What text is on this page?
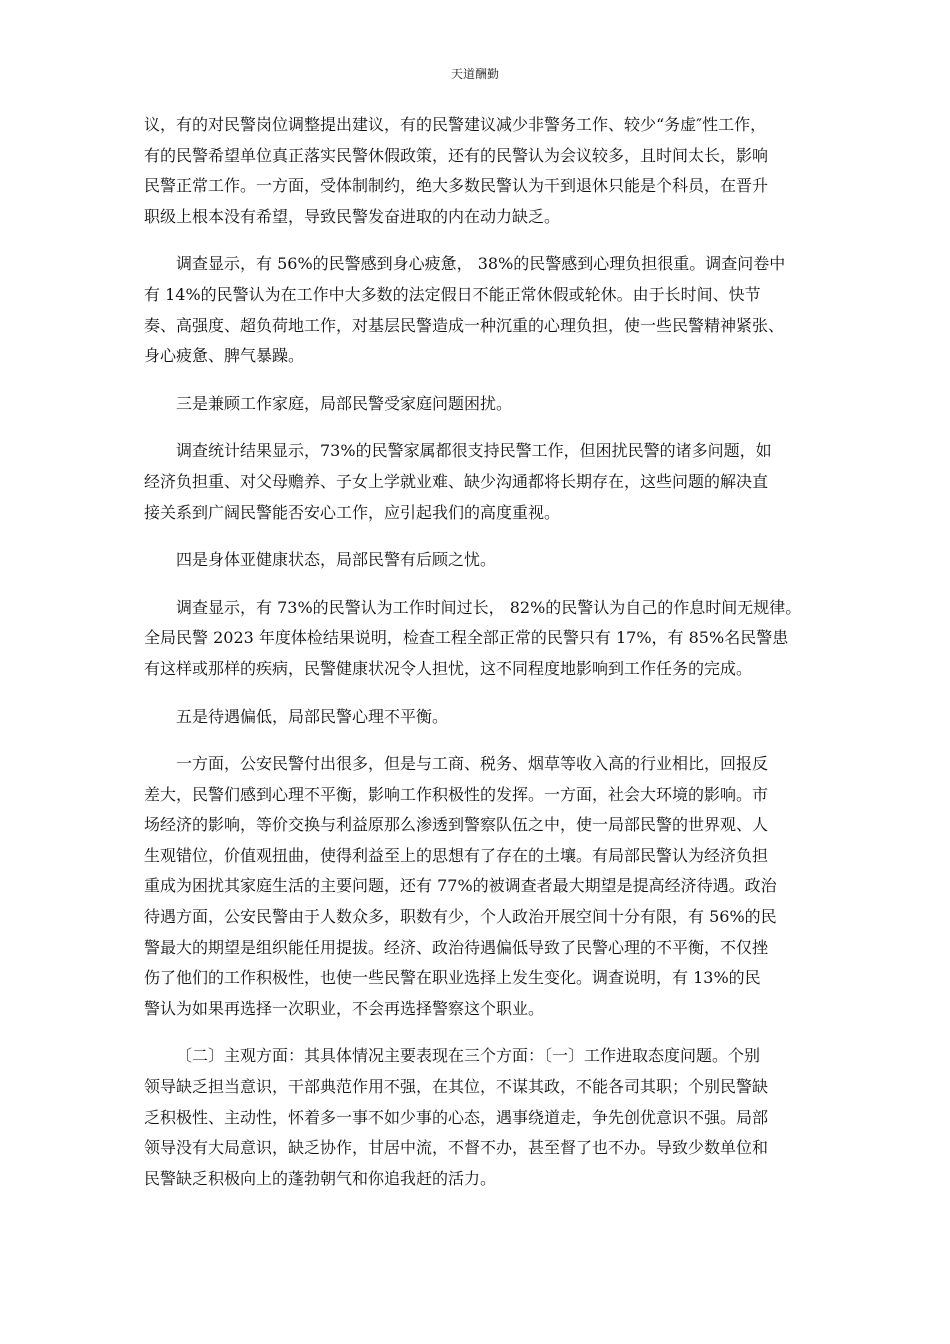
天道酬勤

议，有的对民警岗位调整提出建议，有的民警建议减少非警务工作、较少“务虚″性工作，
有的民警希望单位真正落实民警休假政策，还有的民警认为会议较多，且时间太长，影响
民警正常工作。一方面，受体制制约，绝大多数民警认为干到退休只能是个科员，在晋升
职级上根本没有希望，导致民警发奋进取的内在动力缺乏。

调查显示，有 56%的民警感到身心疲惫， 38%的民警感到心理负担很重。调查问卷中
有 14%的民警认为在工作中大多数的法定假日不能正常休假或轮休。由于长时间、快节
奏、高强度、超负荷地工作，对基层民警造成一种沉重的心理负担，使一些民警精神紧张、
身心疲惫、脾气暴躁。

三是兼顾工作家庭，局部民警受家庭问题困扰。

调查统计结果显示，73%的民警家属都很支持民警工作，但困扰民警的诸多问题，如
经济负担重、对父母赡养、子女上学就业难、缺少沟通都将长期存在，这些问题的解决直
接关系到广阔民警能否安心工作，应引起我们的高度重视。

四是身体亚健康状态，局部民警有后顾之忧。

调查显示，有 73%的民警认为工作时间过长， 82%的民警认为自己的作息时间无规律。
全局民警 2023 年度体检结果说明，检查工程全部正常的民警只有 17%，有 85%名民警患
有这样或那样的疾病，民警健康状况令人担忧，这不同程度地影响到工作任务的完成。

五是待遇偏低，局部民警心理不平衡。

一方面，公安民警付出很多，但是与工商、税务、烟草等收入高的行业相比，回报反
差大，民警们感到心理不平衡，影响工作积极性的发挥。一方面，社会大环境的影响。市
场经济的影响，等价交换与利益原那么渗透到警察队伍之中，使一局部民警的世界观、人
生观错位，价值观扭曲，使得利益至上的思想有了存在的土壤。有局部民警认为经济负担
重成为困扰其家庭生活的主要问题，还有 77%的被调查者最大期望是提高经济待遇。政治
待遇方面，公安民警由于人数众多，职数有少，个人政治开展空间十分有限，有 56%的民
警最大的期望是组织能任用提拔。经济、政治待遇偏低导致了民警心理的不平衡，不仅挫
伤了他们的工作积极性，也使一些民警在职业选择上发生变化。调查说明，有 13%的民
警认为如果再选择一次职业，不会再选择警察这个职业。

〔二〕主观方面：其具体情况主要表现在三个方面：〔一〕工作进取态度问题。个别
领导缺乏担当意识，干部典范作用不强，在其位，不谋其政，不能各司其职；个别民警缺
乏积极性、主动性，怀着多一事不如少事的心态，遇事绕道走，争先创优意识不强。局部
领导没有大局意识，缺乏协作，甘居中流，不督不办，甚至督了也不办。导致少数单位和
民警缺乏积极向上的蓬勃朝气和你追我赶的活力。
